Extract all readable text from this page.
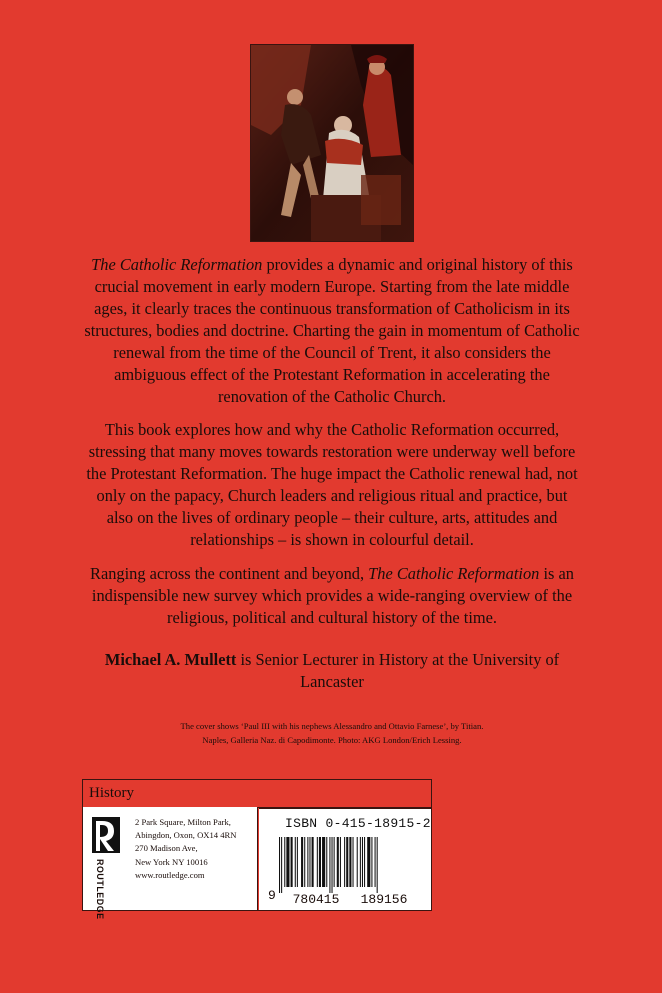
The Catholic Reformation provides a dynamic and original history of this crucial movement in early modern Europe. Starting from the late middle ages, it clearly traces the continuous transformation of Catholicism in its structures, bodies and doctrine. Charting the gain in momentum of Catholic renewal from the time of the Council of Trent, it also considers the ambiguous effect of the Protestant Reformation in accelerating the renovation of the Catholic Church.
This book explores how and why the Catholic Reformation occurred, stressing that many moves towards restoration were underway well before the Protestant Reformation. The huge impact the Catholic renewal had, not only on the papacy, Church leaders and religious ritual and practice, but also on the lives of ordinary people – their culture, arts, attitudes and relationships – is shown in colourful detail.
Ranging across the continent and beyond, The Catholic Reformation is an indispensible new survey which provides a wide-ranging overview of the religious, political and cultural history of the time.
Michael A. Mullett is Senior Lecturer in History at the University of Lancaster
The cover shows ‘Paul III with his nephews Alessandro and Ottavio Farnese’, by Titian.
Naples, Galleria Naz. di Capodimonte. Photo: AKG London/Erich Lessing.
History
ROUTLEDGE
2 Park Square, Milton Park,
Abingdon, Oxon, OX14 4RN
270 Madison Ave,
New York NY 10016
www.routledge.com
ISBN 0-415-18915-2
9	780415	189156
